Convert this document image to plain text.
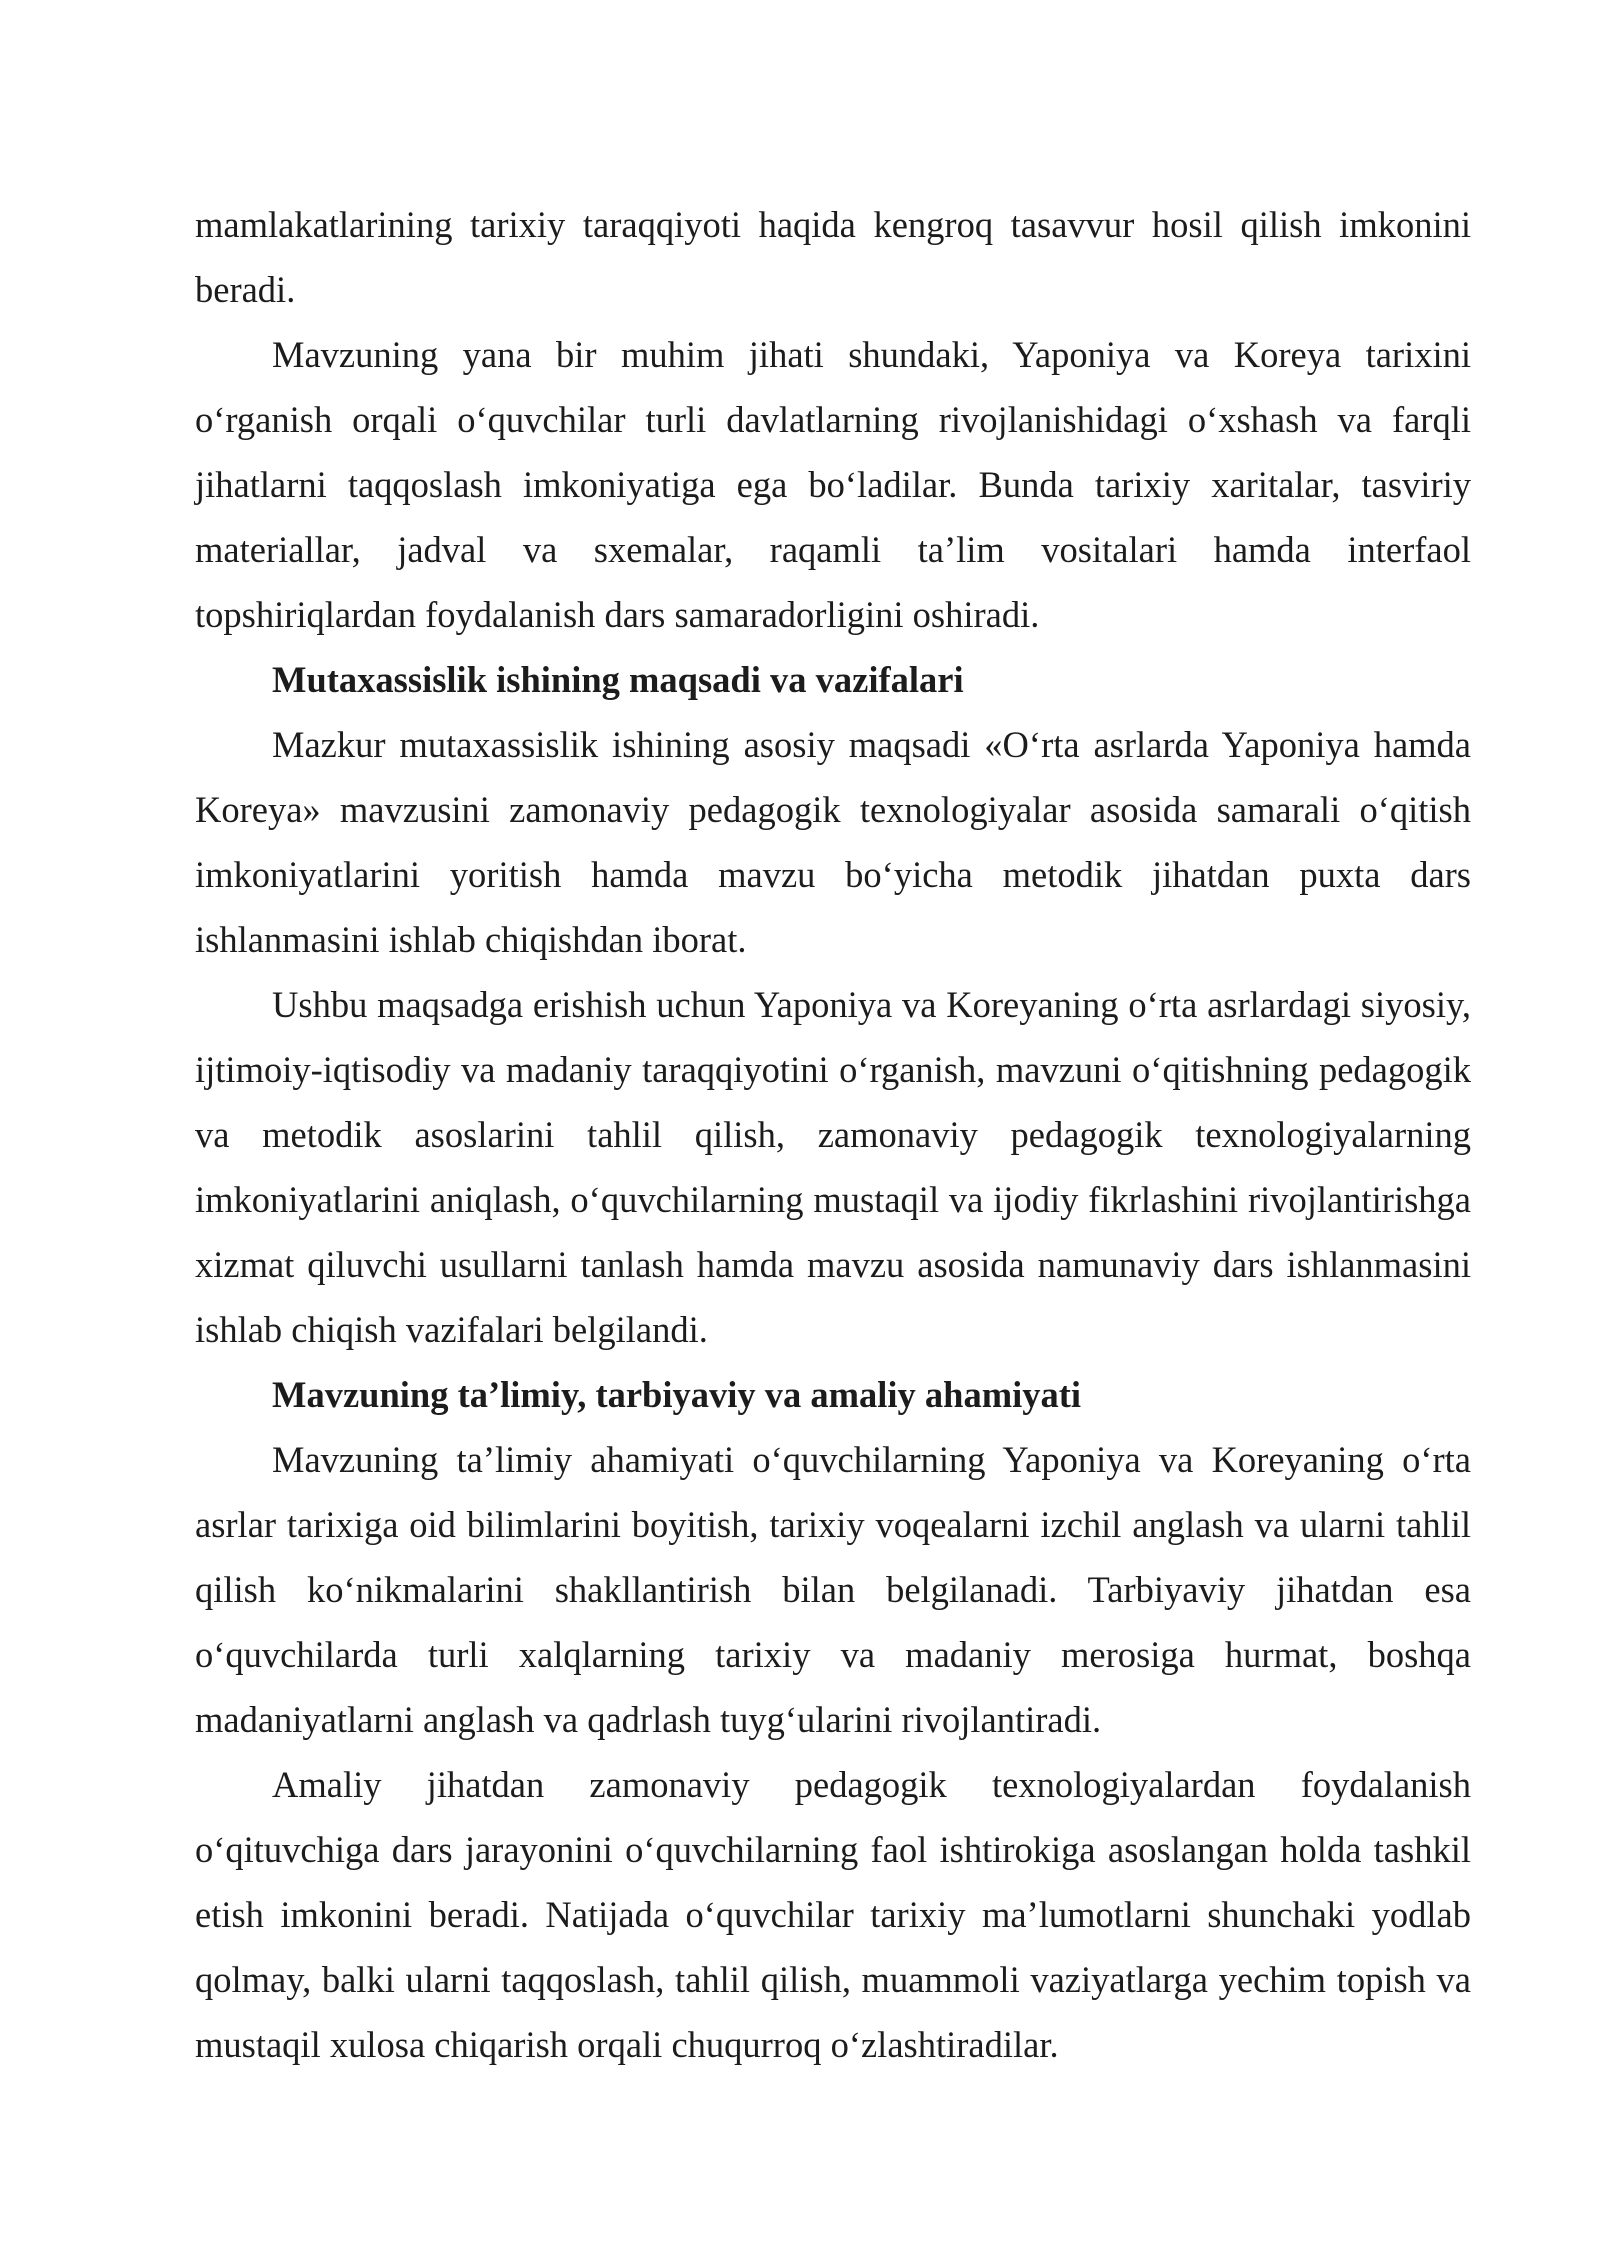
mamlakatlarining tarixiy taraqqiyoti haqida kengroq tasavvur hosil qilish imkonini beradi.

Mavzuning yana bir muhim jihati shundaki, Yaponiya va Koreya tarixini o‘rganish orqali o‘quvchilar turli davlatlarning rivojlanishidagi o‘xshash va farqli jihatlarni taqqoslash imkoniyatiga ega bo‘ladilar. Bunda tarixiy xaritalar, tasviriy materiallar, jadval va sxemalar, raqamli ta’lim vositalari hamda interfaol topshiriqlardan foydalanish dars samaradorligini oshiradi.

Mutaxassislik ishining maqsadi va vazifalari

Mazkur mutaxassislik ishining asosiy maqsadi «O‘rta asrlarda Yaponiya hamda Koreya» mavzusini zamonaviy pedagogik texnologiyalar asosida samarali o‘qitish imkoniyatlarini yoritish hamda mavzu bo‘yicha metodik jihatdan puxta dars ishlanmasini ishlab chiqishdan iborat.

Ushbu maqsadga erishish uchun Yaponiya va Koreyaning o‘rta asrlardagi siyosiy, ijtimoiy-iqtisodiy va madaniy taraqqiyotini o‘rganish, mavzuni o‘qitishning pedagogik va metodik asoslarini tahlil qilish, zamonaviy pedagogik texnologiyalarning imkoniyatlarini aniqlash, o‘quvchilarning mustaqil va ijodiy fikrlashini rivojlantirishga xizmat qiluvchi usullarni tanlash hamda mavzu asosida namunaviy dars ishlanmasini ishlab chiqish vazifalari belgilandi.

Mavzuning ta’limiy, tarbiyaviy va amaliy ahamiyati

Mavzuning ta’limiy ahamiyati o‘quvchilarning Yaponiya va Koreyaning o‘rta asrlar tarixiga oid bilimlarini boyitish, tarixiy voqealarni izchil anglash va ularni tahlil qilish ko‘nikmalarini shakllantirish bilan belgilanadi. Tarbiyaviy jihatdan esa o‘quvchilarda turli xalqlarning tarixiy va madaniy merosiga hurmat, boshqa madaniyatlarni anglash va qadrlash tuyg‘ularini rivojlantiradi.

Amaliy jihatdan zamonaviy pedagogik texnologiyalardan foydalanish o‘qituvchiga dars jarayonini o‘quvchilarning faol ishtirokiga asoslangan holda tashkil etish imkonini beradi. Natijada o‘quvchilar tarixiy ma’lumotlarni shunchaki yodlab qolmay, balki ularni taqqoslash, tahlil qilish, muammoli vaziyatlarga yechim topish va mustaqil xulosa chiqarish orqali chuqurroq o‘zlashtiradilar.
